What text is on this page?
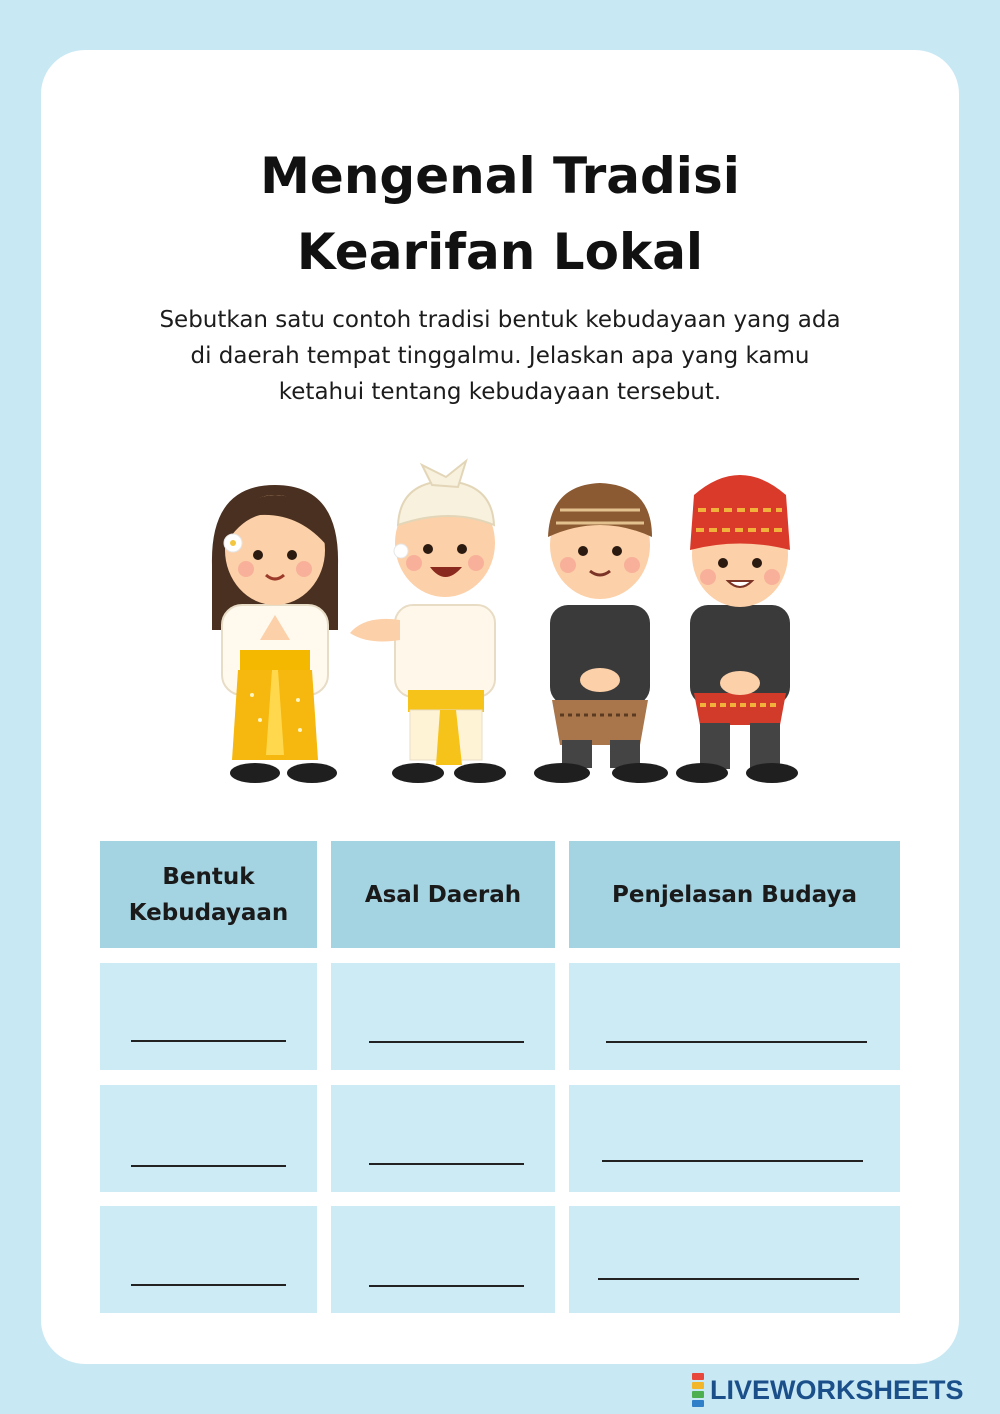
Mengenal Tradisi
Kearifan Lokal

Sebutkan satu contoh tradisi bentuk kebudayaan yang ada
di daerah tempat tinggalmu. Jelaskan apa yang kamu
ketahui tentang kebudayaan tersebut.

Bentuk Kebudayaan
Asal Daerah	Penjelasan Budaya
LIVEWORKSHEETS
